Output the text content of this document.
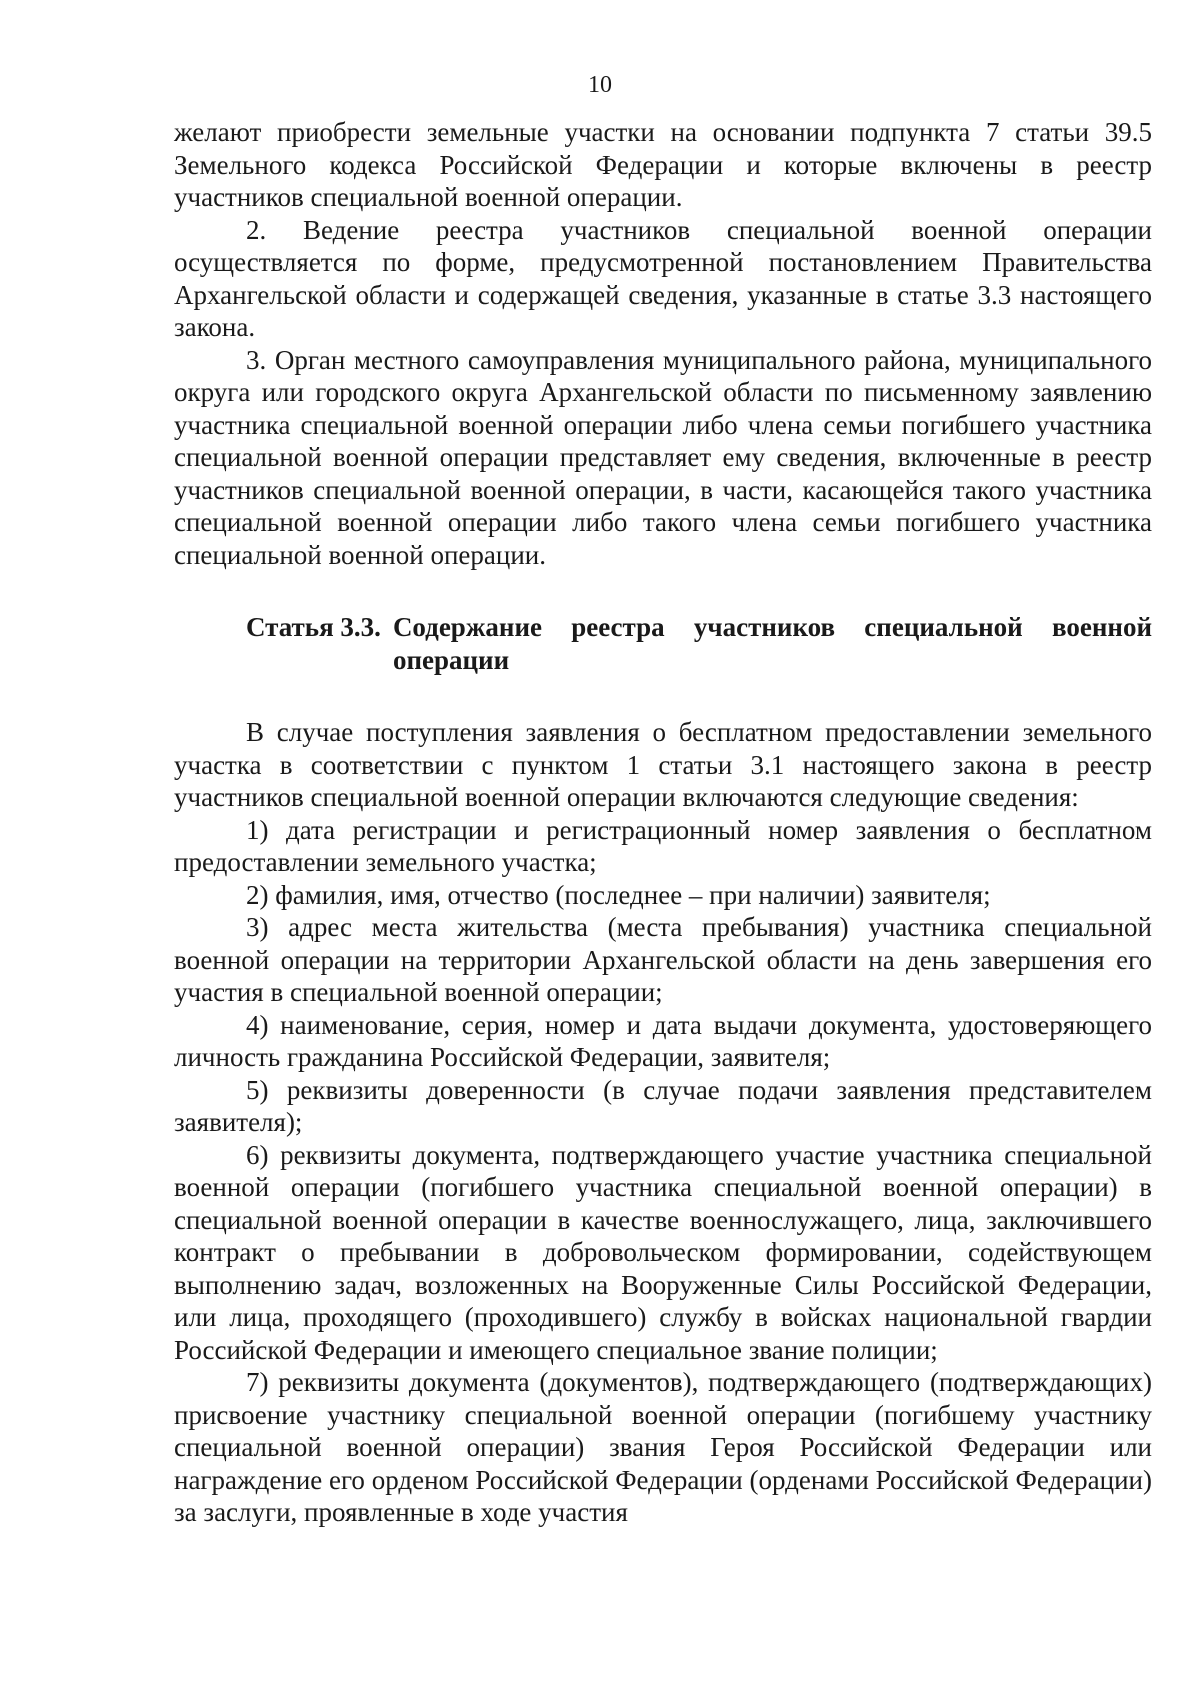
10

желают приобрести земельные участки на основании подпункта 7 статьи 39.5 Земельного кодекса Российской Федерации и которые включены в реестр участников специальной военной операции.

2. Ведение реестра участников специальной военной операции осуществляется по форме, предусмотренной постановлением Правительства Архангельской области и содержащей сведения, указанные в статье 3.3 настоящего закона.

3. Орган местного самоуправления муниципального района, муниципального округа или городского округа Архангельской области по письменному заявлению участника специальной военной операции либо члена семьи погибшего участника специальной военной операции представляет ему сведения, включенные в реестр участников специальной военной операции, в части, касающейся такого участника специальной военной операции либо такого члена семьи погибшего участника специальной военной операции.

Статья 3.3. Содержание реестра участников специальной военной операции

В случае поступления заявления о бесплатном предоставлении земельного участка в соответствии с пунктом 1 статьи 3.1 настоящего закона в реестр участников специальной военной операции включаются следующие сведения:

1) дата регистрации и регистрационный номер заявления о бесплатном предоставлении земельного участка;

2) фамилия, имя, отчество (последнее – при наличии) заявителя;

3) адрес места жительства (места пребывания) участника специальной военной операции на территории Архангельской области на день завершения его участия в специальной военной операции;

4) наименование, серия, номер и дата выдачи документа, удостоверяющего личность гражданина Российской Федерации, заявителя;

5) реквизиты доверенности (в случае подачи заявления представителем заявителя);

6) реквизиты документа, подтверждающего участие участника специальной военной операции (погибшего участника специальной военной операции) в специальной военной операции в качестве военнослужащего, лица, заключившего контракт о пребывании в добровольческом формировании, содействующем выполнению задач, возложенных на Вооруженные Силы Российской Федерации, или лица, проходящего (проходившего) службу в войсках национальной гвардии Российской Федерации и имеющего специальное звание полиции;

7) реквизиты документа (документов), подтверждающего (подтверждающих) присвоение участнику специальной военной операции (погибшему участнику специальной военной операции) звания Героя Российской Федерации или награждение его орденом Российской Федерации (орденами Российской Федерации) за заслуги, проявленные в ходе участия
